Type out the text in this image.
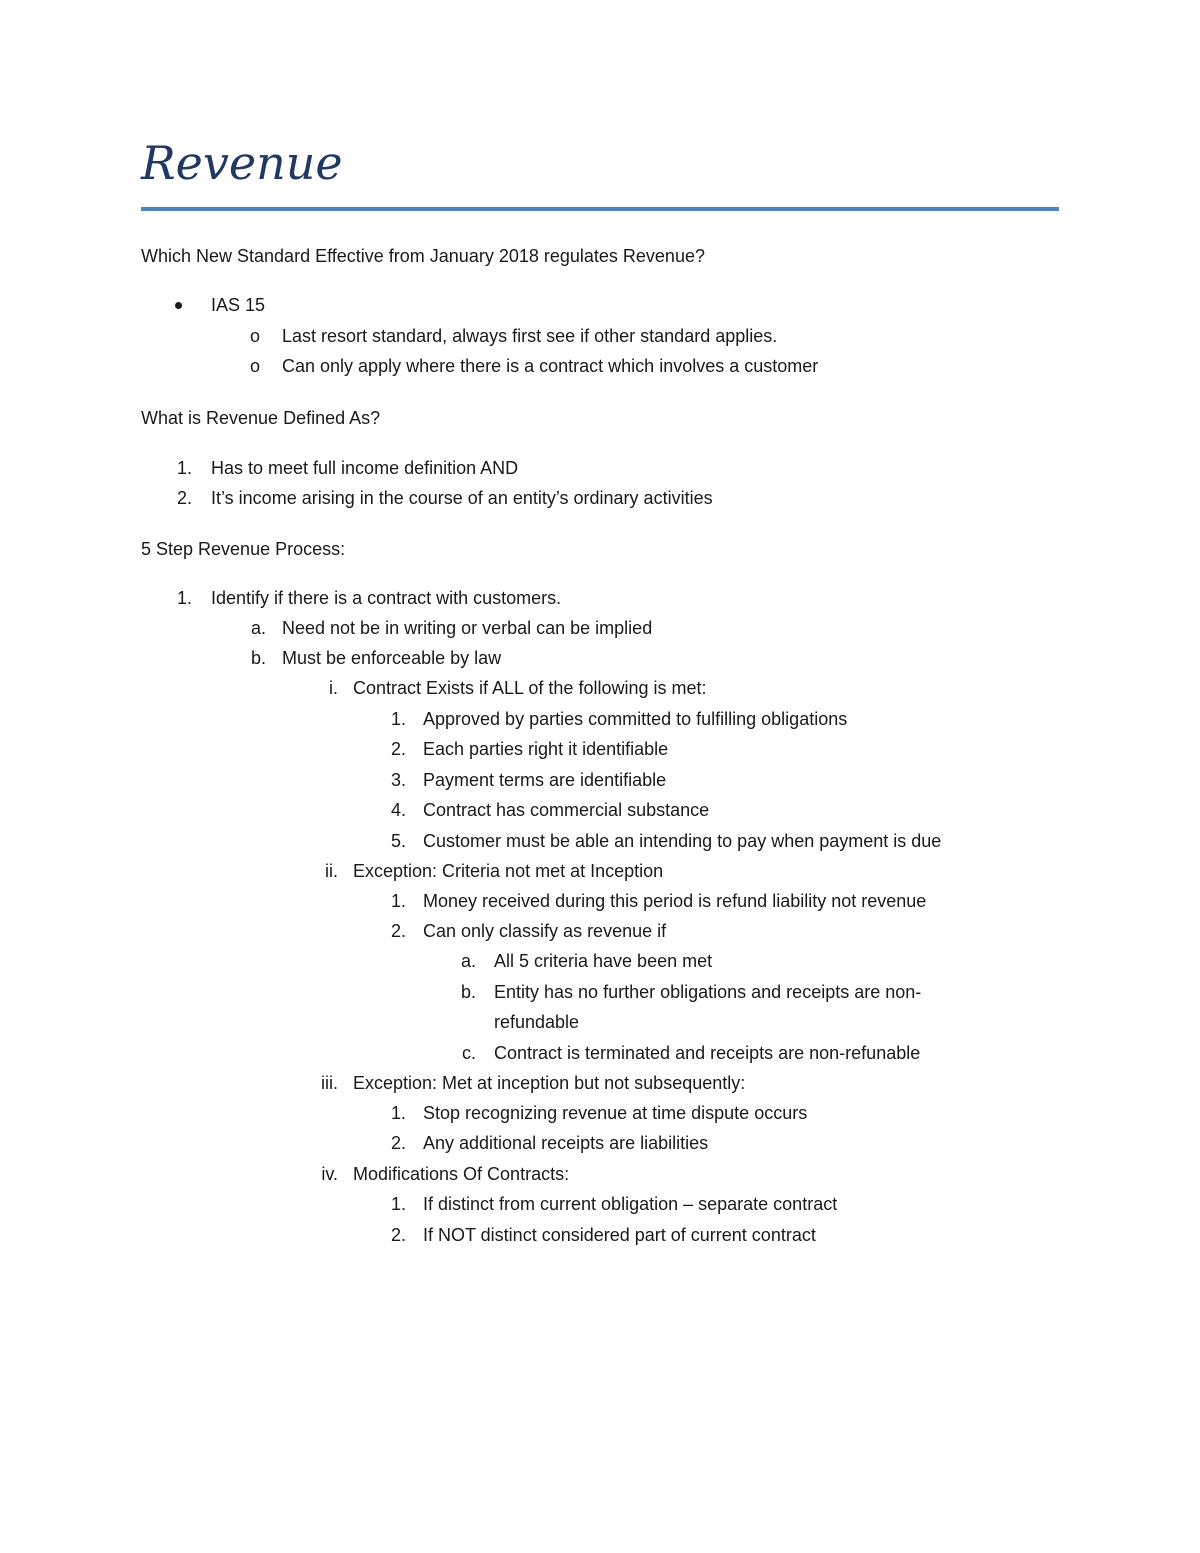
Revenue
Which New Standard Effective from January 2018 regulates Revenue?
IAS 15
o Last resort standard, always first see if other standard applies.
o Can only apply where there is a contract which involves a customer
What is Revenue Defined As?
1. Has to meet full income definition AND
2. It’s income arising in the course of an entity’s ordinary activities
5 Step Revenue Process:
1. Identify if there is a contract with customers.
a. Need not be in writing or verbal can be implied
b. Must be enforceable by law
i. Contract Exists if ALL of the following is met:
1. Approved by parties committed to fulfilling obligations
2. Each parties right it identifiable
3. Payment terms are identifiable
4. Contract has commercial substance
5. Customer must be able an intending to pay when payment is due
ii. Exception: Criteria not met at Inception
1. Money received during this period is refund liability not revenue
2. Can only classify as revenue if
a. All 5 criteria have been met
b. Entity has no further obligations and receipts are non-
refundable
c. Contract is terminated and receipts are non-refunable
iii. Exception: Met at inception but not subsequently:
1. Stop recognizing revenue at time dispute occurs
2. Any additional receipts are liabilities
iv. Modifications Of Contracts:
1. If distinct from current obligation – separate contract
2. If NOT distinct considered part of current contract
